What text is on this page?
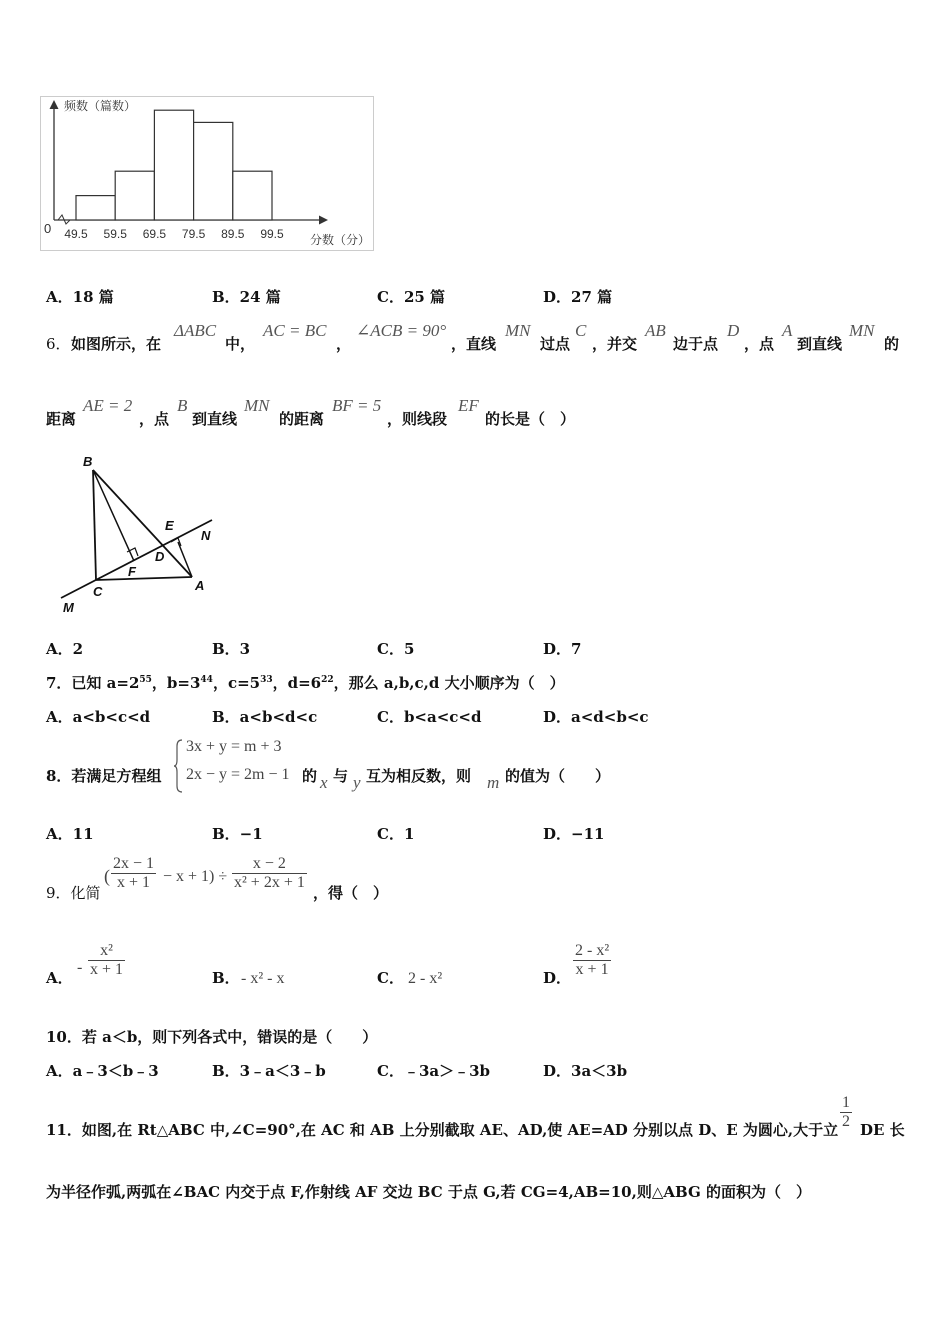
49.5 59.5 69.5 79.5 89.5 99.5
频数（篇数）
分数（分）
0
A．18 篇	B．24 篇	C．25 篇	D．27 篇
6． 如图所示，在
ΔABC
中，
AC = BC
，
∠ACB = 90°
，直线
MN
过点
C
，并交
AB
边于点
D
，点
A
到直线
MN
的
距离
AE = 2
，点
B
到直线
MN
的距离
BF = 5
，则线段
EF
的长是（　）
B
E
N
D
F
C	A
M
A．2	B．3	C．5	D．7
7．已知 $a=2^{55}$，$b=3^{44}$，$c=5^{33}$，$d=6^{22}$，那么 a,b,c,d 大小顺序为（　）
A．a<b<c<d	B．a<b<d<c	C．b<a<c<d	D．a<d<b<c
8．若满足方程组
3x + y = m + 3
2x − y = 2m − 1 的 x 与 y 互为相反数，则 m 的值为（　　）
A．11	B．−1	C．1	D．−11
9．化简
( $\frac{2x - 1}{x + 1} - x + 1) \div \frac{x - 2}{\text{x² + 2x + 1}}$
，得（　）
A．
- $\frac{\text{x²}}{x + 1}$	B． - x² - x	C． 2 - x²	D． $\frac{\text{2 - x²}}{x + 1}$
10．若 a＜b，则下列各式中，错误的是（　　）
A．a﹣3＜b﹣3	B．3﹣a＜3﹣b	C．﹣3a＞﹣3b	D．3a＜3b
11．如图,在 Rt△ABC 中,∠C=90°,在 AC 和 AB 上分别截取 AE、AD,使 AE=AD 分别以点 D、E 为圆心,大于立 $\frac{1}{2}$ DE 长
为半径作弧,两弧在∠BAC 内交于点 F,作射线 AF 交边 BC 于点 G,若 CG=4,AB=10,则△ABG 的面积为（　）
